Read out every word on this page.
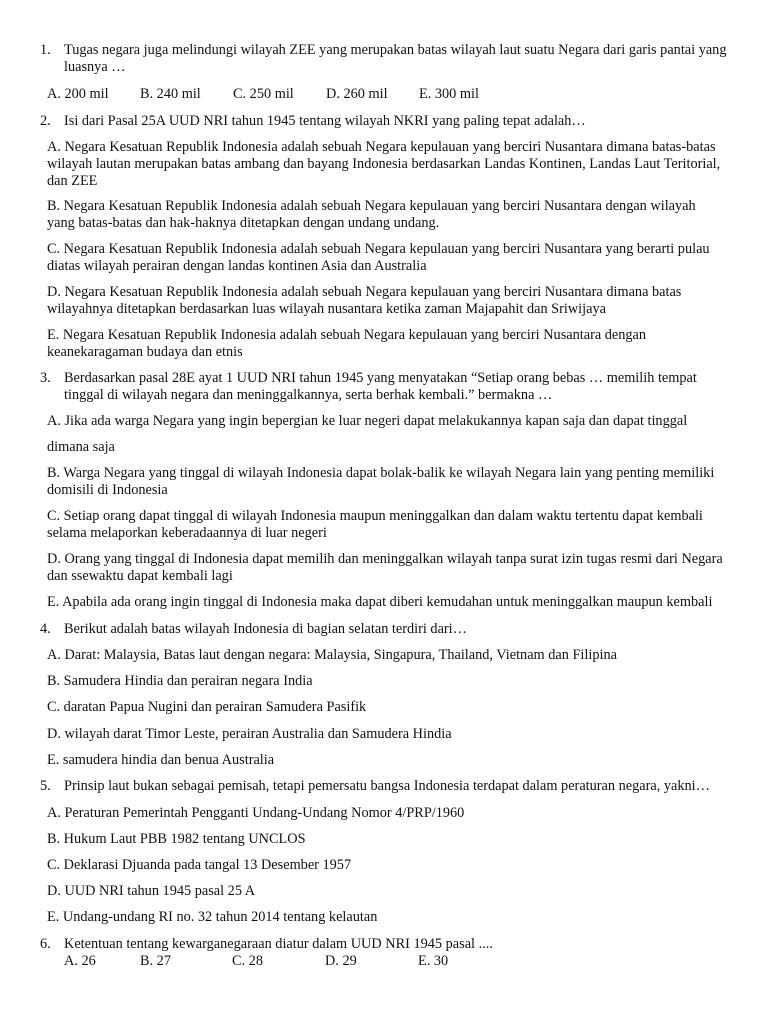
1. Tugas negara juga melindungi wilayah ZEE yang merupakan batas wilayah laut suatu Negara dari garis pantai yang luasnya …
A. 200 mil B. 240 mil C. 250 mil D. 260 mil E. 300 mil
2. Isi dari Pasal 25A UUD NRI tahun 1945 tentang wilayah NKRI yang paling tepat adalah…
A. Negara Kesatuan Republik Indonesia adalah sebuah Negara kepulauan yang berciri Nusantara dimana batas-batas wilayah lautan merupakan batas ambang dan bayang Indonesia berdasarkan Landas Kontinen, Landas Laut Teritorial, dan ZEE
B. Negara Kesatuan Republik Indonesia adalah sebuah Negara kepulauan yang berciri Nusantara dengan wilayah yang batas-batas dan hak-haknya ditetapkan dengan undang undang.
C. Negara Kesatuan Republik Indonesia adalah sebuah Negara kepulauan yang berciri Nusantara yang berarti pulau diatas wilayah perairan dengan landas kontinen Asia dan Australia
D. Negara Kesatuan Republik Indonesia adalah sebuah Negara kepulauan yang berciri Nusantara dimana batas wilayahnya ditetapkan berdasarkan luas wilayah nusantara ketika zaman Majapahit dan Sriwijaya
E. Negara Kesatuan Republik Indonesia adalah sebuah Negara kepulauan yang berciri Nusantara dengan keanekaragaman budaya dan etnis
3. Berdasarkan pasal 28E ayat 1 UUD NRI tahun 1945 yang menyatakan “Setiap orang bebas … memilih tempat tinggal di wilayah negara dan meninggalkannya, serta berhak kembali.” bermakna …
A. Jika ada warga Negara yang ingin bepergian ke luar negeri dapat melakukannya kapan saja dan dapat tinggal
dimana saja
B. Warga Negara yang tinggal di wilayah Indonesia dapat bolak-balik ke wilayah Negara lain yang penting memiliki domisili di Indonesia
C. Setiap orang dapat tinggal di wilayah Indonesia maupun meninggalkan dan dalam waktu tertentu dapat kembali selama melaporkan keberadaannya di luar negeri
D. Orang yang tinggal di Indonesia dapat memilih dan meninggalkan wilayah tanpa surat izin tugas resmi dari Negara dan ssewaktu dapat kembali lagi
E. Apabila ada orang ingin tinggal di Indonesia maka dapat diberi kemudahan untuk meninggalkan maupun kembali
4. Berikut adalah batas wilayah Indonesia di bagian selatan terdiri dari…
A. Darat: Malaysia, Batas laut dengan negara: Malaysia, Singapura, Thailand, Vietnam dan Filipina
B. Samudera Hindia dan perairan negara India
C. daratan Papua Nugini dan perairan Samudera Pasifik
D. wilayah darat Timor Leste, perairan Australia dan Samudera Hindia
E. samudera hindia dan benua Australia
5. Prinsip laut bukan sebagai pemisah, tetapi pemersatu bangsa Indonesia terdapat dalam peraturan negara, yakni…
A. Peraturan Pemerintah Pengganti Undang-Undang Nomor 4/PRP/1960
B. Hukum Laut PBB 1982 tentang UNCLOS
C. Deklarasi Djuanda pada tangal 13 Desember 1957
D. UUD NRI tahun 1945 pasal 25 A
E. Undang-undang RI no. 32 tahun 2014 tentang kelautan
6. Ketentuan tentang kewarganegaraan diatur dalam UUD NRI 1945 pasal ....
A. 26	B. 27	C. 28	D. 29	E. 30
